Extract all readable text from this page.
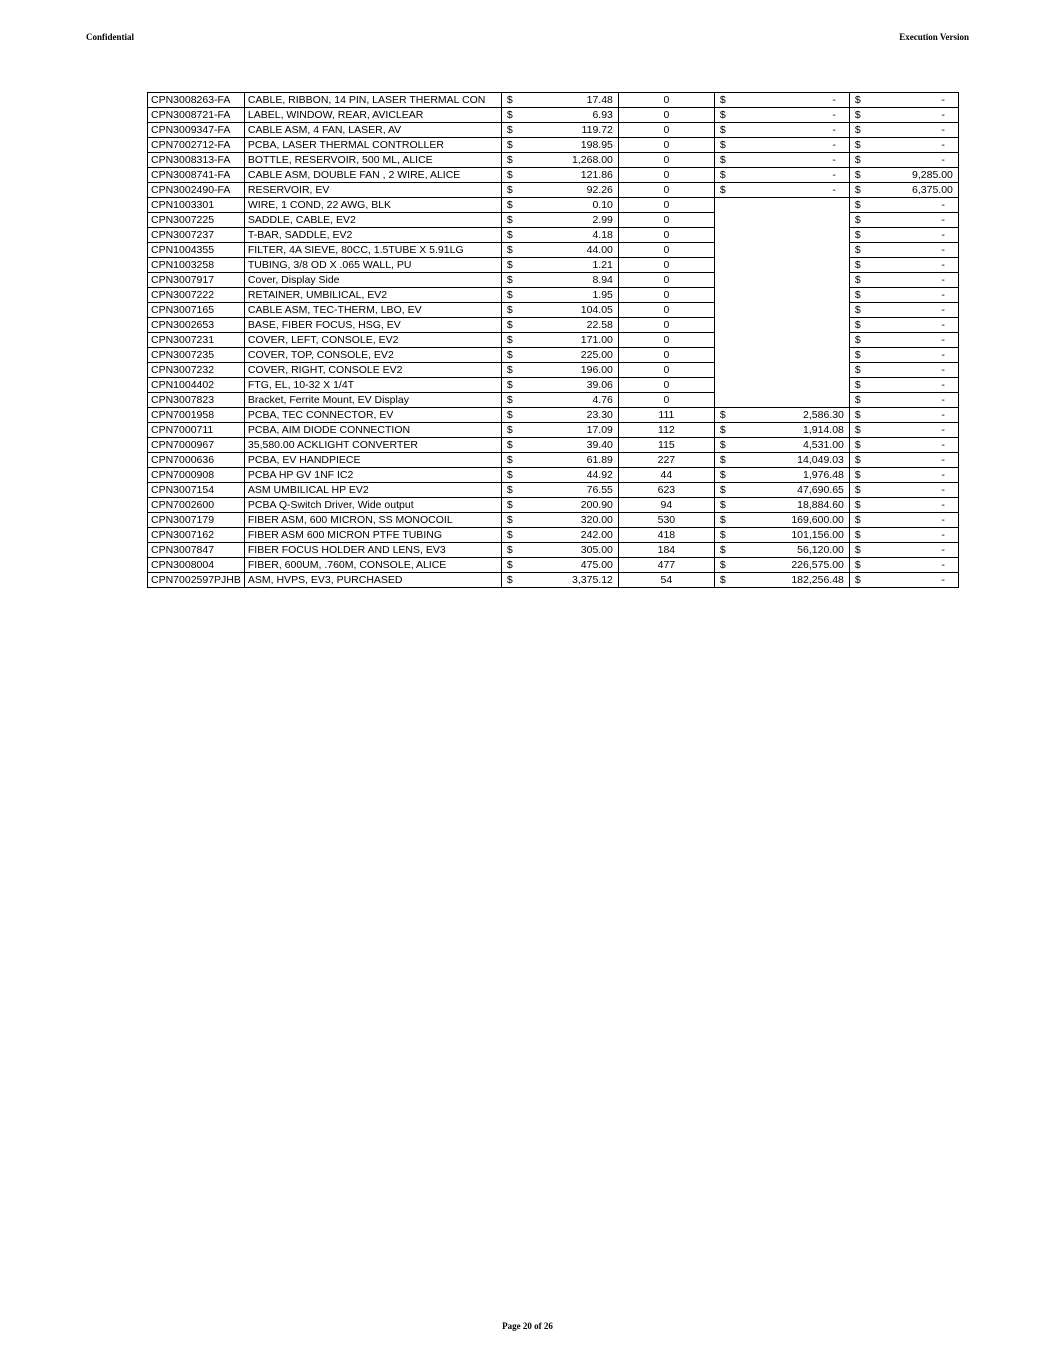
Confidential	Execution Version
CPN3008263-FA	CABLE, RIBBON, 14 PIN, LASER THERMAL CON	$ 17.48	0	$ -	$ -

CPN3008721-FA	LABEL, WINDOW, REAR, AVICLEAR	$ 6.93	0	$ -	$ -

CPN3009347-FA	CABLE ASM, 4 FAN, LASER, AV	$ 119.72	0	$ -	$ -

CPN7002712-FA	PCBA, LASER THERMAL CONTROLLER	$ 198.95	0	$ -	$ -

CPN3008313-FA	BOTTLE, RESERVOIR, 500 ML, ALICE	$ 1,268.00	0	$ -	$ -

CPN3008741-FA	CABLE ASM, DOUBLE FAN , 2 WIRE, ALICE	$ 121.86	0	$ -	$ 9,285.00

CPN3002490-FA	RESERVOIR, EV	$ 92.26	0	$ -	$ 6,375.00

CPN1003301	WIRE, 1 COND, 22 AWG, BLK	$ 0.10	0		$ -

CPN3007225	SADDLE, CABLE, EV2	$ 2.99	0		$ -

CPN3007237	T-BAR, SADDLE, EV2	$ 4.18	0		$ -

CPN1004355	FILTER, 4A SIEVE, 80CC, 1.5TUBE X 5.91LG	$ 44.00	0		$ -

CPN1003258	TUBING, 3/8 OD X .065 WALL, PU	$ 1.21	0		$ -

CPN3007917	Cover, Display Side	$ 8.94	0		$ -

CPN3007222	RETAINER, UMBILICAL, EV2	$ 1.95	0		$ -

CPN3007165	CABLE ASM, TEC-THERM, LBO, EV	$ 104.05	0		$ -

CPN3002653	BASE, FIBER FOCUS, HSG, EV	$ 22.58	0		$ -

CPN3007231	COVER, LEFT, CONSOLE, EV2	$ 171.00	0		$ -

CPN3007235	COVER, TOP, CONSOLE, EV2	$ 225.00	0		$ -

CPN3007232	COVER, RIGHT, CONSOLE EV2	$ 196.00	0		$ -

CPN1004402	FTG, EL, 10-32 X 1/4T	$ 39.06	0		$ -

CPN3007823	Bracket, Ferrite Mount, EV Display	$ 4.76	0		$ -

CPN7001958	PCBA, TEC CONNECTOR, EV	$ 23.30	111	$ 2,586.30	$ -

CPN7000711	PCBA, AIM DIODE CONNECTION	$ 17.09	112	$ 1,914.08	$ -

CPN7000967	35,580.00 ACKLIGHT CONVERTER	$ 39.40	115	$ 4,531.00	$ -

CPN7000636	PCBA, EV HANDPIECE	$ 61.89	227	$ 14,049.03	$ -

CPN7000908	PCBA HP GV 1NF IC2	$ 44.92	44	$ 1,976.48	$ -

CPN3007154	ASM UMBILICAL HP EV2	$ 76.55	623	$ 47,690.65	$ -

CPN7002600	PCBA Q-Switch Driver, Wide output	$ 200.90	94	$ 18,884.60	$ -

CPN3007179	FIBER ASM, 600 MICRON, SS MONOCOIL	$ 320.00	530	$ 169,600.00	$ -

CPN3007162	FIBER ASM 600 MICRON PTFE TUBING	$ 242.00	418	$ 101,156.00	$ -

CPN3007847	FIBER FOCUS HOLDER AND LENS, EV3	$ 305.00	184	$ 56,120.00	$ -

CPN3008004	FIBER, 600UM, .760M, CONSOLE, ALICE	$ 475.00	477	$ 226,575.00	$ -

CPN7002597PJHB	ASM, HVPS, EV3, PURCHASED	$ 3,375.12	54	$ 182,256.48	$ -
Page 20 of 26
